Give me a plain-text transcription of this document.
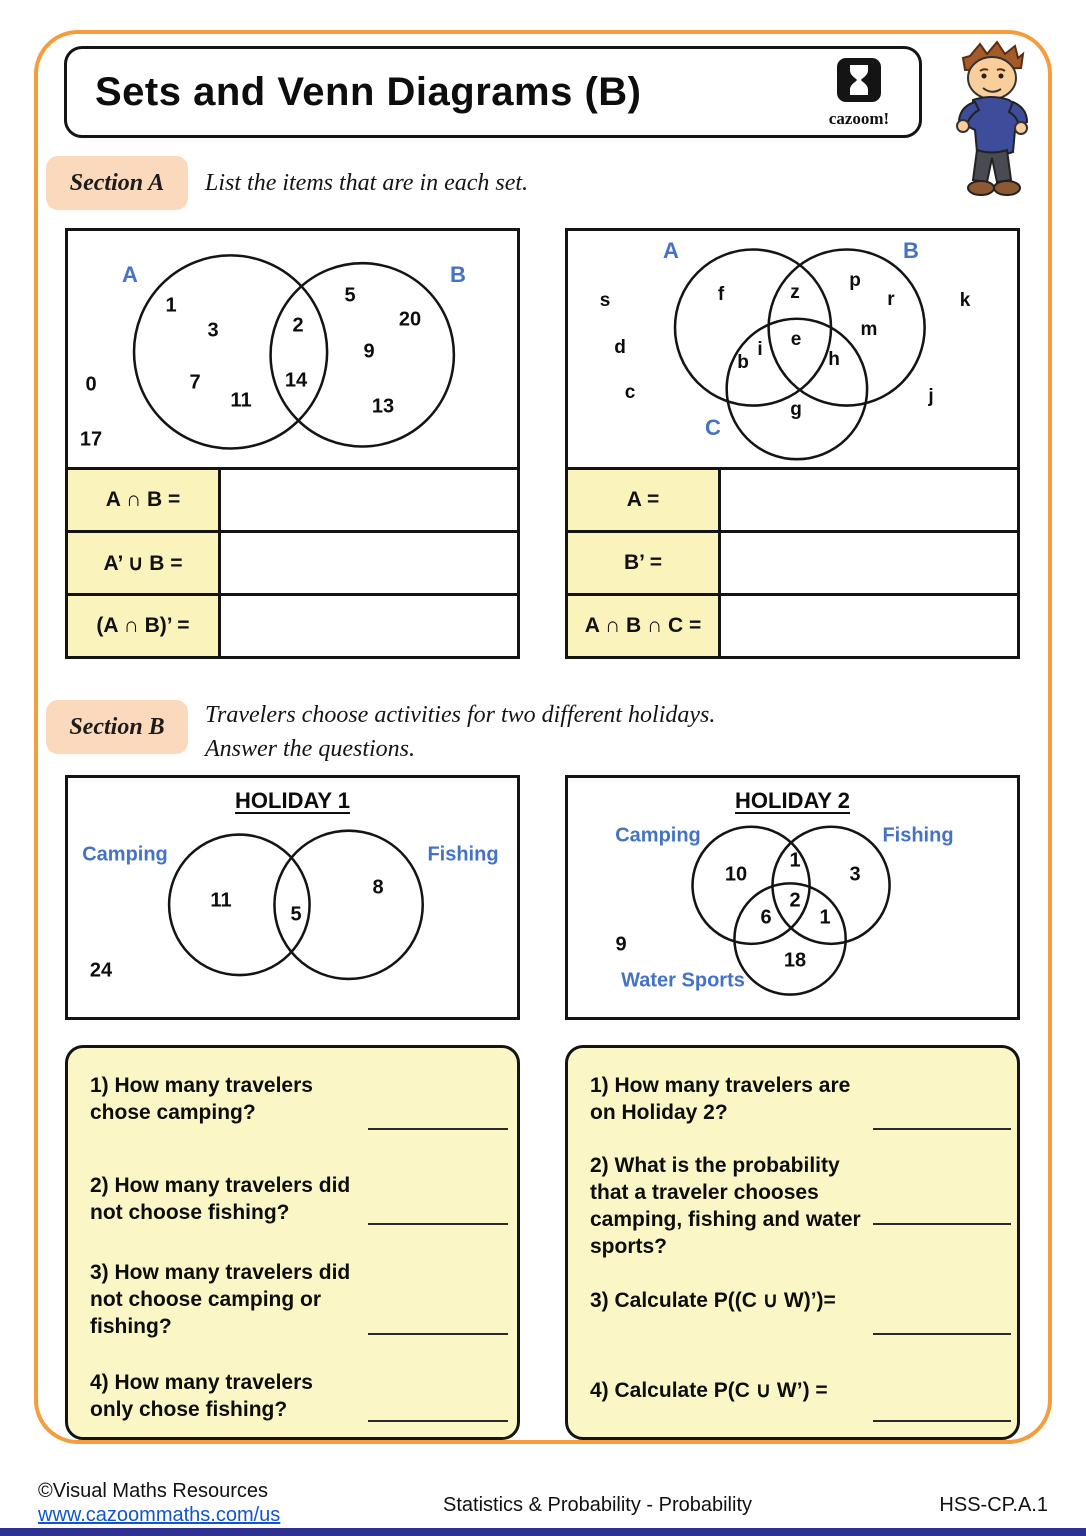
Sets and Venn Diagrams (B)
cazoom!
Section A	List the items that are in each set.
A	B
1
3
7
11
2
14
5
20
9
13
0
17
A ∩ B =
A’ ∪ B =
(A ∩ B)’ =
A	B
C
s
d
c
k
j
f	z
p
r
m
e
i
b	h
g
A =
B’ =
A ∩ B ∩ C =
Section B	Travelers choose activities for two different holidays.
Answer the questions.
HOLIDAY 1
Camping	Fishing
11
5
8
24
HOLIDAY 2
Camping	Fishing
Water Sports
10
1
3
2
6 1
18
9
1) How many travelers chose camping?
2) How many travelers did not choose fishing?
3) How many travelers did not choose camping or fishing?
4) How many travelers only chose fishing?
1) How many travelers are on Holiday 2?
2) What is the probability that a traveler chooses camping, fishing and water sports?
3) Calculate P((C ∪ W)’)=
4) Calculate P(C ∪ W’) =
©Visual Maths Resources
www.cazoommaths.com/us	Statistics & Probability - Probability	HSS-CP.A.1
